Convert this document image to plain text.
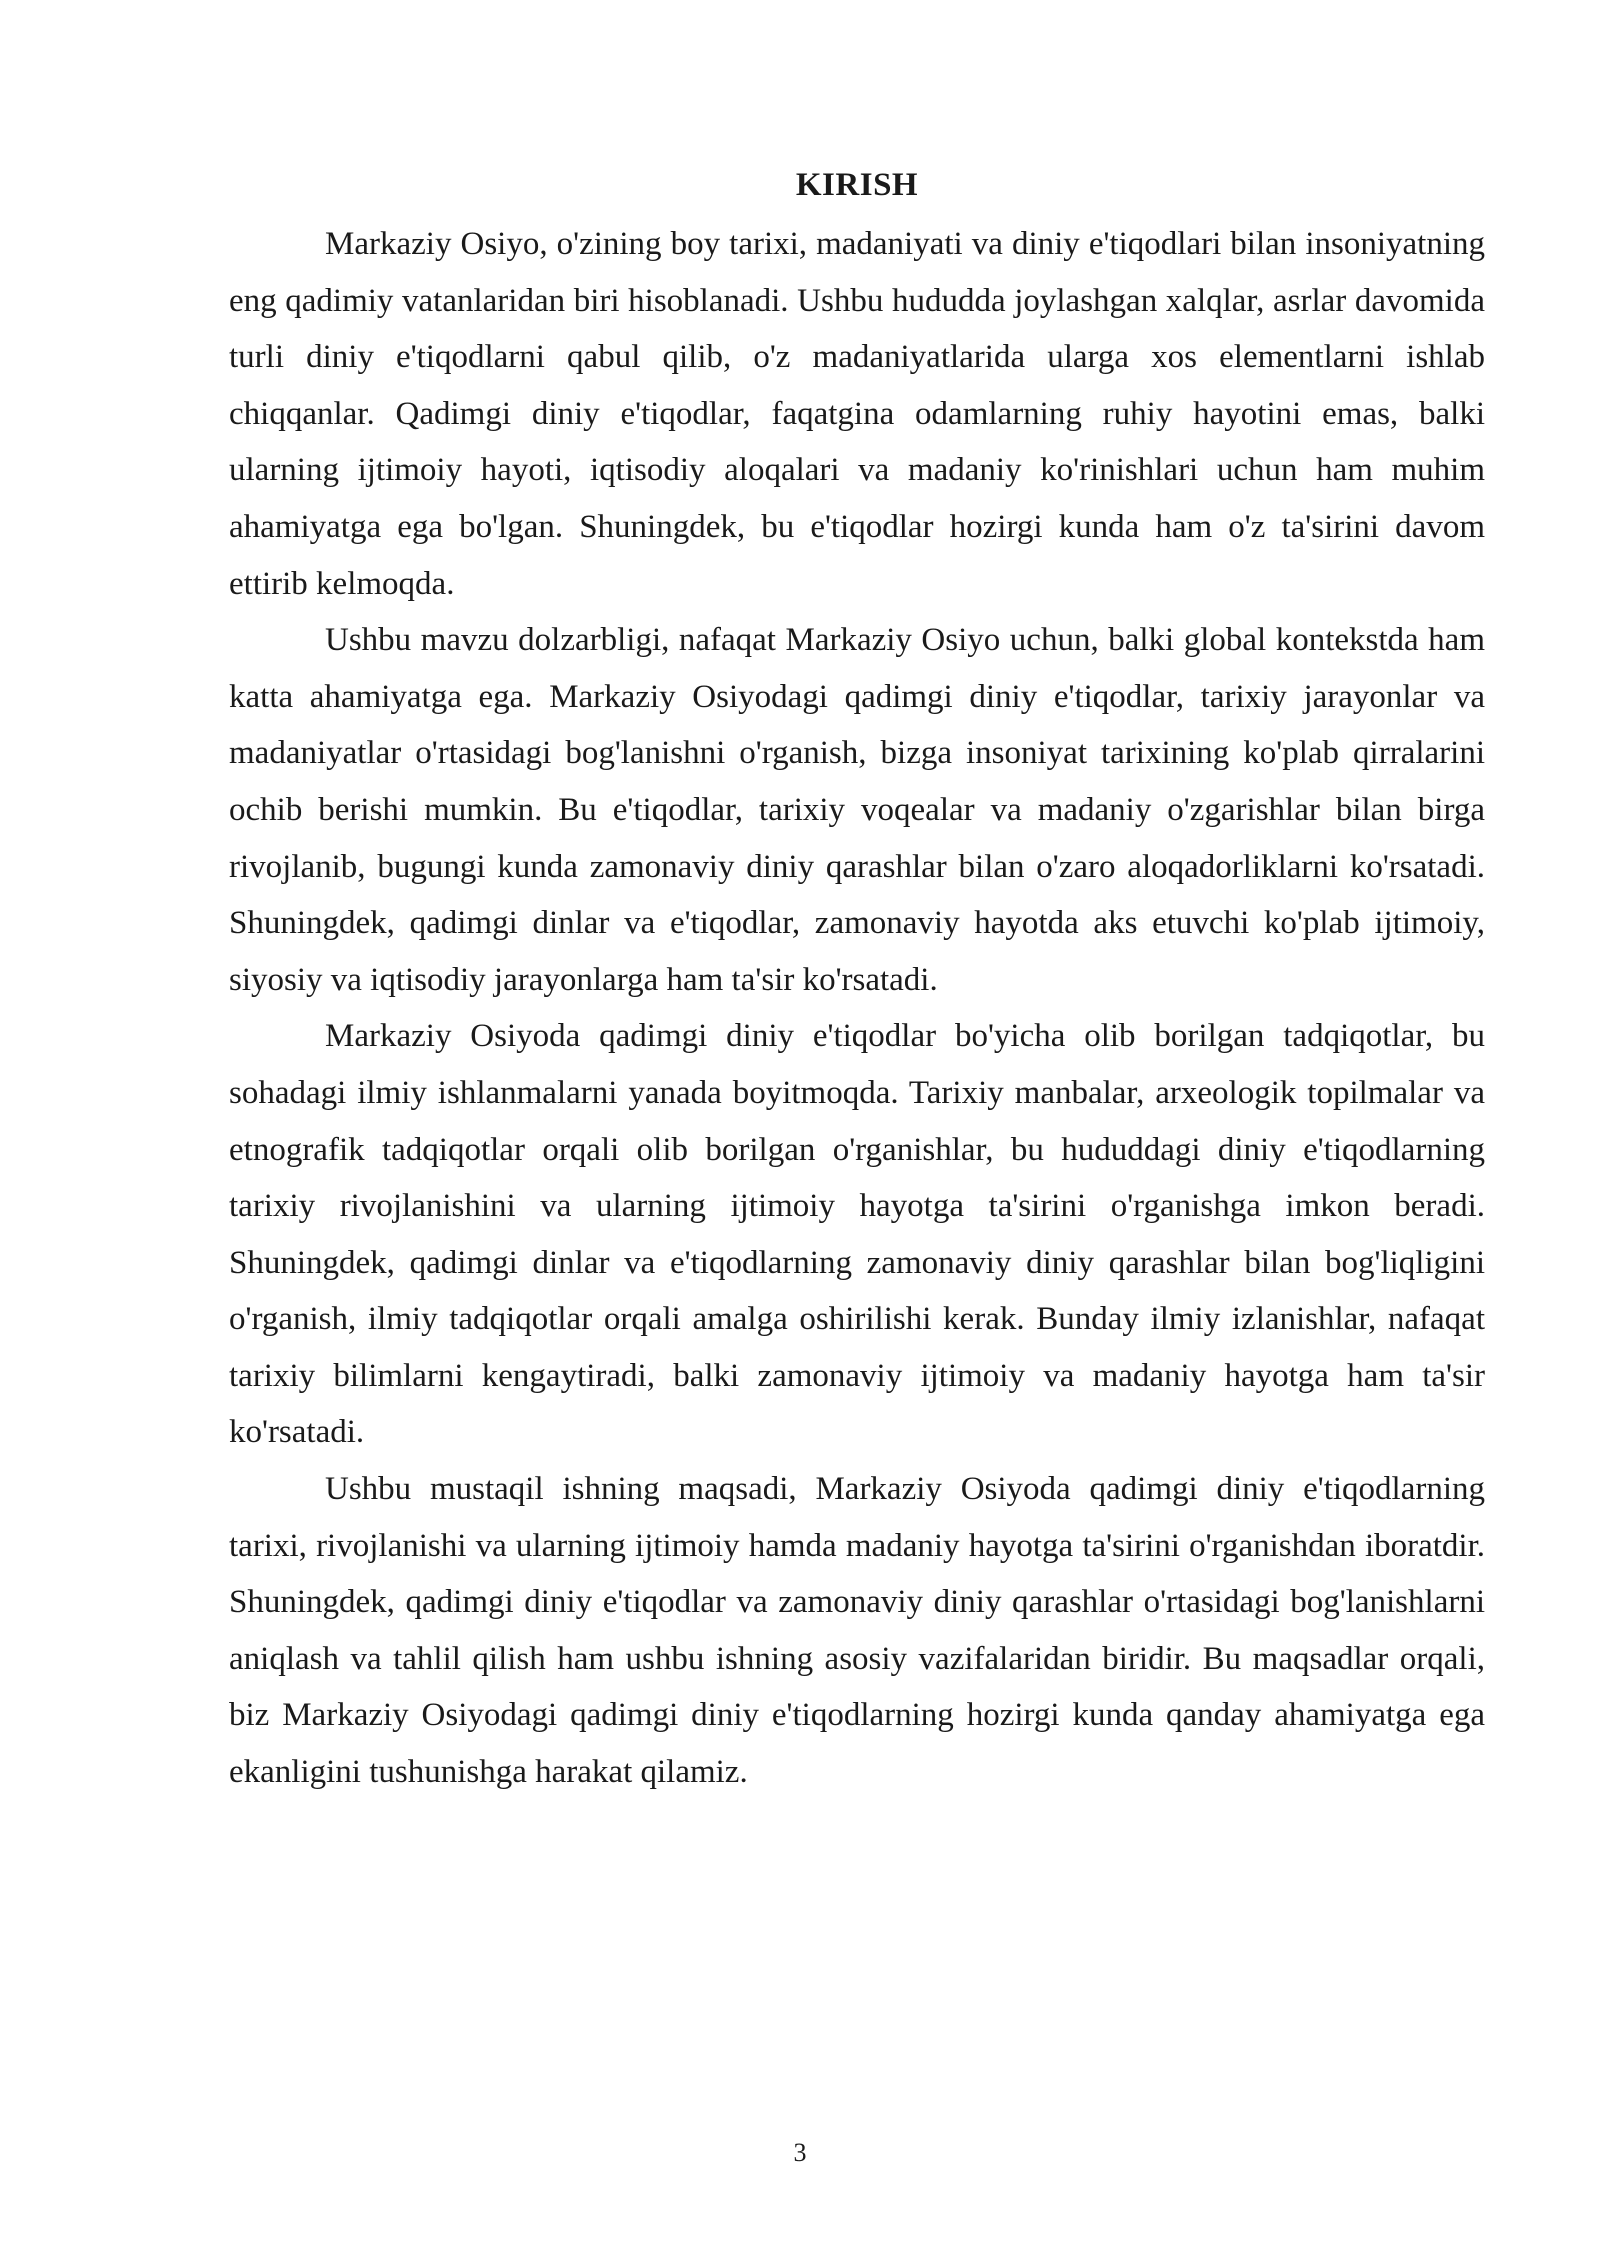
KIRISH

Markaziy Osiyo, o'zining boy tarixi, madaniyati va diniy e'tiqodlari bilan insoniyatning eng qadimiy vatanlaridan biri hisoblanadi. Ushbu hududda joylashgan xalqlar, asrlar davomida turli diniy e'tiqodlarni qabul qilib, o'z madaniyatlarida ularga xos elementlarni ishlab chiqqanlar. Qadimgi diniy e'tiqodlar, faqatgina odamlarning ruhiy hayotini emas, balki ularning ijtimoiy hayoti, iqtisodiy aloqalari va madaniy ko'rinishlari uchun ham muhim ahamiyatga ega bo'lgan. Shuningdek, bu e'tiqodlar hozirgi kunda ham o'z ta'sirini davom ettirib kelmoqda.

Ushbu mavzu dolzarbligi, nafaqat Markaziy Osiyo uchun, balki global kontekstda ham katta ahamiyatga ega. Markaziy Osiyodagi qadimgi diniy e'tiqodlar, tarixiy jarayonlar va madaniyatlar o'rtasidagi bog'lanishni o'rganish, bizga insoniyat tarixining ko'plab qirralarini ochib berishi mumkin. Bu e'tiqodlar, tarixiy voqealar va madaniy o'zgarishlar bilan birga rivojlanib, bugungi kunda zamonaviy diniy qarashlar bilan o'zaro aloqadorliklarni ko'rsatadi. Shuningdek, qadimgi dinlar va e'tiqodlar, zamonaviy hayotda aks etuvchi ko'plab ijtimoiy, siyosiy va iqtisodiy jarayonlarga ham ta'sir ko'rsatadi.

Markaziy Osiyoda qadimgi diniy e'tiqodlar bo'yicha olib borilgan tadqiqotlar, bu sohadagi ilmiy ishlanmalarni yanada boyitmoqda. Tarixiy manbalar, arxeologik topilmalar va etnografik tadqiqotlar orqali olib borilgan o'rganishlar, bu hududdagi diniy e'tiqodlarning tarixiy rivojlanishini va ularning ijtimoiy hayotga ta'sirini o'rganishga imkon beradi. Shuningdek, qadimgi dinlar va e'tiqodlarning zamonaviy diniy qarashlar bilan bog'liqligini o'rganish, ilmiy tadqiqotlar orqali amalga oshirilishi kerak. Bunday ilmiy izlanishlar, nafaqat tarixiy bilimlarni kengaytiradi, balki zamonaviy ijtimoiy va madaniy hayotga ham ta'sir ko'rsatadi.

Ushbu mustaqil ishning maqsadi, Markaziy Osiyoda qadimgi diniy e'tiqodlarning tarixi, rivojlanishi va ularning ijtimoiy hamda madaniy hayotga ta'sirini o'rganishdan iboratdir. Shuningdek, qadimgi diniy e'tiqodlar va zamonaviy diniy qarashlar o'rtasidagi bog'lanishlarni aniqlash va tahlil qilish ham ushbu ishning asosiy vazifalaridan biridir. Bu maqsadlar orqali, biz Markaziy Osiyodagi qadimgi diniy e'tiqodlarning hozirgi kunda qanday ahamiyatga ega ekanligini tushunishga harakat qilamiz.

3
